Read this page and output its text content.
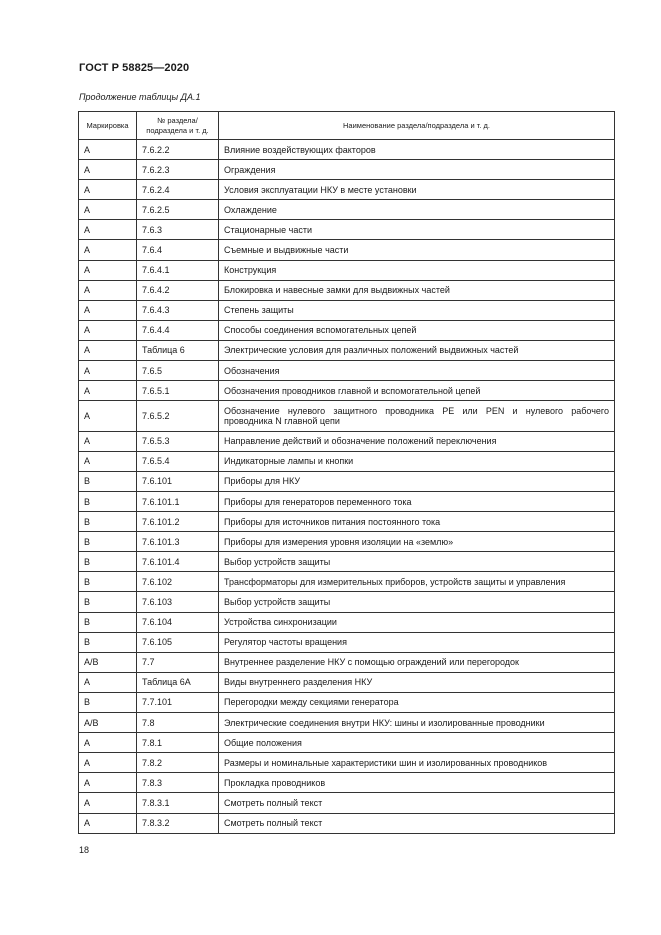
ГОСТ Р 58825—2020
Продолжение таблицы ДА.1
Маркировка	№ раздела/ подраздела и т. д.	Наименование раздела/подраздела и т. д.
А	7.6.2.2	Влияние воздействующих факторов
А	7.6.2.3	Ограждения
А	7.6.2.4	Условия эксплуатации НКУ в месте установки
А	7.6.2.5	Охлаждение
А	7.6.3	Стационарные части
А	7.6.4	Съемные и выдвижные части
А	7.6.4.1	Конструкция
А	7.6.4.2	Блокировка и навесные замки для выдвижных частей
А	7.6.4.3	Степень защиты
А	7.6.4.4	Способы соединения вспомогательных цепей
А	Таблица 6	Электрические условия для различных положений выдвижных частей
А	7.6.5	Обозначения
А	7.6.5.1	Обозначения проводников главной и вспомогательной цепей
А	7.6.5.2	Обозначение нулевого защитного проводника PE или PEN и нулевого рабочего проводника N главной цепи
А	7.6.5.3	Направление действий и обозначение положений переключения
А	7.6.5.4	Индикаторные лампы и кнопки
В	7.6.101	Приборы для НКУ
В	7.6.101.1	Приборы для генераторов переменного тока
В	7.6.101.2	Приборы для источников питания постоянного тока
В	7.6.101.3	Приборы для измерения уровня изоляции на «землю»
В	7.6.101.4	Выбор устройств защиты
В	7.6.102	Трансформаторы для измерительных приборов, устройств защиты и управления
В	7.6.103	Выбор устройств защиты
В	7.6.104	Устройства синхронизации
В	7.6.105	Регулятор частоты вращения
А/В	7.7	Внутреннее разделение НКУ с помощью ограждений или перегородок
А	Таблица 6А	Виды внутреннего разделения НКУ
В	7.7.101	Перегородки между секциями генератора
А/В	7.8	Электрические соединения внутри НКУ: шины и изолированные проводники
А	7.8.1	Общие положения
А	7.8.2	Размеры и номинальные характеристики шин и изолированных проводников
А	7.8.3	Прокладка проводников
А	7.8.3.1	Смотреть полный текст
А	7.8.3.2	Смотреть полный текст
18
